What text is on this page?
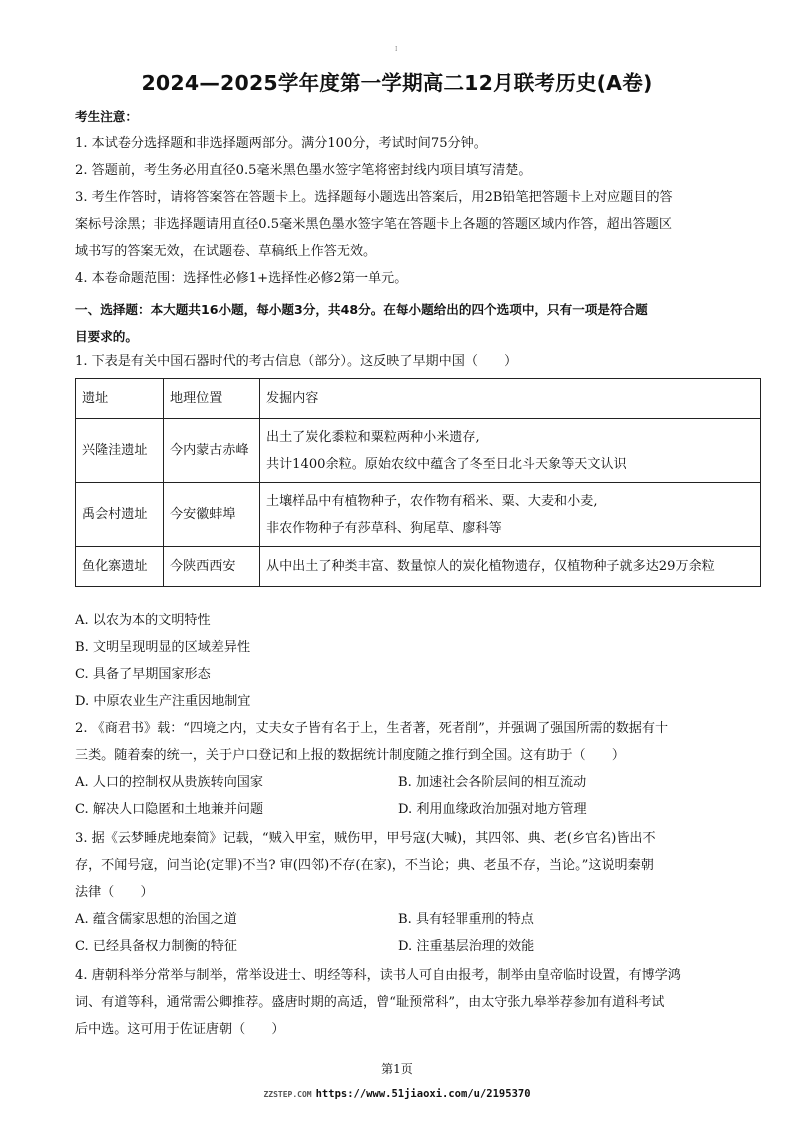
I
2024—2025学年度第一学期高二12月联考历史(A卷)
考生注意：
1. 本试卷分选择题和非选择题两部分。满分100分，考试时间75分钟。
2. 答题前，考生务必用直径0.5毫米黑色墨水签字笔将密封线内项目填写清楚。
3. 考生作答时，请将答案答在答题卡上。选择题每小题选出答案后，用2B铅笔把答题卡上对应题目的答
案标号涂黑；非选择题请用直径0.5毫米黑色墨水签字笔在答题卡上各题的答题区域内作答，超出答题区
域书写的答案无效，在试题卷、草稿纸上作答无效。
4. 本卷命题范围：选择性必修1+选择性必修2第一单元。
一、选择题：本大题共16小题，每小题3分，共48分。在每小题给出的四个选项中，只有一项是符合题
目要求的。
1. 下表是有关中国石器时代的考古信息（部分）。这反映了早期中国（　　）
遗址	地理位置	发掘内容
兴隆洼遗址	今内蒙古赤峰	出土了炭化黍粒和粟粒两种小米遗存,
共计1400余粒。原始农纹中蕴含了冬至日北斗天象等天文认识

禹会村遗址	今安徽蚌埠	土壤样品中有植物种子，农作物有稻米、粟、大麦和小麦,
非农作物种子有莎草科、狗尾草、廖科等

鱼化寨遗址	今陕西西安	从中出土了种类丰富、数量惊人的炭化植物遗存，仅植物种子就多达29万余粒
A. 以农为本的文明特性
B. 文明呈现明显的区域差异性
C. 具备了早期国家形态
D. 中原农业生产注重因地制宜
2. 《商君书》载：“四境之内，丈夫女子皆有名于上，生者著，死者削”，并强调了强国所需的数据有十
三类。随着秦的统一，关于户口登记和上报的数据统计制度随之推行到全国。这有助于（　　）
A. 人口的控制权从贵族转向国家	B. 加速社会各阶层间的相互流动
C. 解决人口隐匿和土地兼并问题	D. 利用血缘政治加强对地方管理
3. 据《云梦睡虎地秦简》记载，“贼入甲室，贼伤甲，甲号寇(大喊)，其四邻、典、老(乡官名)皆出不
存，不闻号寇，问当论(定罪)不当? 审(四邻)不存(在家)，不当论；典、老虽不存，当论。”这说明秦朝
法律（　　）
A. 蕴含儒家思想的治国之道	B. 具有轻罪重刑的特点
C. 已经具备权力制衡的特征	D. 注重基层治理的效能
4. 唐朝科举分常举与制举，常举设进士、明经等科，读书人可自由报考，制举由皇帝临时设置，有博学鸿
词、有道等科，通常需公卿推荐。盛唐时期的高适，曾“耻预常科”，由太守张九皋举荐参加有道科考试
后中选。这可用于佐证唐朝（　　）
第1页
ZZSTEP.COM https://www.51jiaoxi.com/u/2195370
